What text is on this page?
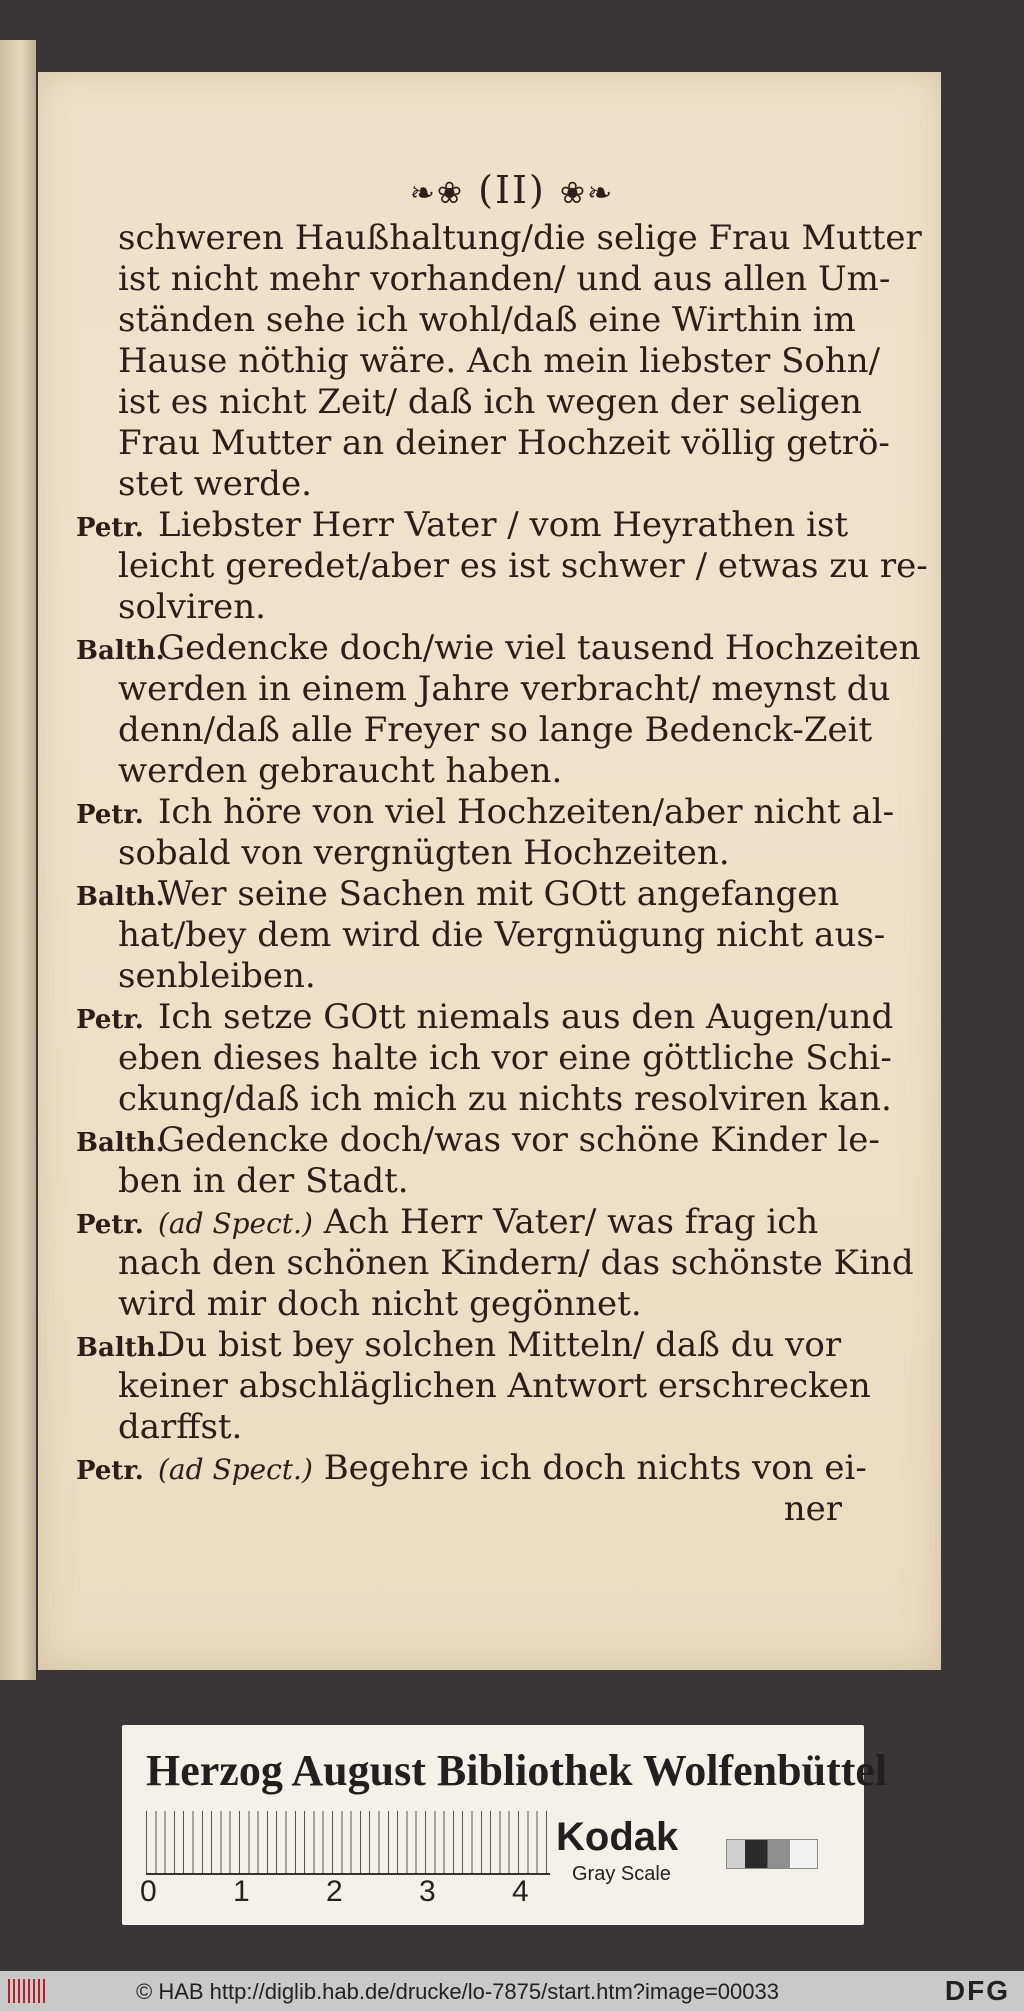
❧❀ (II) ❀❧
schweren Haußhaltung/die selige Frau Mutter
ist nicht mehr vorhanden/ und aus allen Um-
ständen sehe ich wohl/daß eine Wirthin im
Hause nöthig wäre. Ach mein liebster Sohn/
ist es nicht Zeit/ daß ich wegen der seligen
Frau Mutter an deiner Hochzeit völlig getrö-
stet werde.
Petr. Liebster Herr Vater / vom Heyrathen ist
leicht geredet/aber es ist schwer / etwas zu re-
solviren.
Balth.Gedencke doch/wie viel tausend Hochzeiten
werden in einem Jahre verbracht/ meynst du
denn/daß alle Freyer so lange Bedenck-Zeit
werden gebraucht haben.
Petr. Ich höre von viel Hochzeiten/aber nicht al-
sobald von vergnügten Hochzeiten.
Balth.Wer seine Sachen mit GOtt angefangen
hat/bey dem wird die Vergnügung nicht aus-
senbleiben.
Petr. Ich setze GOtt niemals aus den Augen/und
eben dieses halte ich vor eine göttliche Schi-
ckung/daß ich mich zu nichts resolviren kan.
Balth.Gedencke doch/was vor schöne Kinder le-
ben in der Stadt.
Petr. (ad Spect.) Ach Herr Vater/ was frag ich
nach den schönen Kindern/ das schönste Kind
wird mir doch nicht gegönnet.
Balth.Du bist bey solchen Mitteln/ daß du vor
keiner abschläglichen Antwort erschrecken
darffst.
Petr. (ad Spect.) Begehre ich doch nichts von ei-
ner
Herzog August Bibliothek Wolfenbüttel
0	1	2	3	4
Kodak
Gray Scale
© HAB http://diglib.hab.de/drucke/lo-7875/start.htm?image=00033	DFG
